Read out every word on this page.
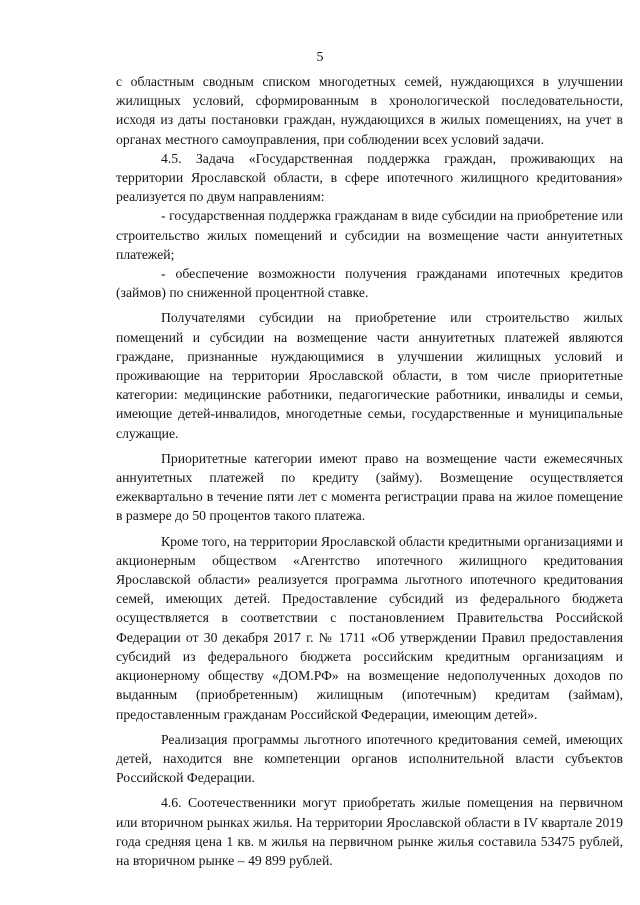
5

с областным сводным списком многодетных семей, нуждающихся в улучшении жилищных условий, сформированным в хронологической последовательности, исходя из даты постановки граждан, нуждающихся в жилых помещениях, на учет в органах местного самоуправления, при соблюдении всех условий задачи.

4.5. Задача «Государственная поддержка граждан, проживающих на территории Ярославской области, в сфере ипотечного жилищного кредитования» реализуется по двум направлениям:

- государственная поддержка гражданам в виде субсидии на приобретение или строительство жилых помещений и субсидии на возмещение части аннуитетных платежей;

- обеспечение возможности получения гражданами ипотечных кредитов (займов) по сниженной процентной ставке.

Получателями субсидии на приобретение или строительство жилых помещений и субсидии на возмещение части аннуитетных платежей являются граждане, признанные нуждающимися в улучшении жилищных условий и проживающие на территории Ярославской области, в том числе приоритетные категории: медицинские работники, педагогические работники, инвалиды и семьи, имеющие детей-инвалидов, многодетные семьи, государственные и муниципальные служащие.

Приоритетные категории имеют право на возмещение части ежемесячных аннуитетных платежей по кредиту (займу). Возмещение осуществляется ежеквартально в течение пяти лет с момента регистрации права на жилое помещение в размере до 50 процентов такого платежа.

Кроме того, на территории Ярославской области кредитными организациями и акционерным обществом «Агентство ипотечного жилищного кредитования Ярославской области» реализуется программа льготного ипотечного кредитования семей, имеющих детей. Предоставление субсидий из федерального бюджета осуществляется в соответствии с постановлением Правительства Российской Федерации от 30 декабря 2017 г. № 1711 «Об утверждении Правил предоставления субсидий из федерального бюджета российским кредитным организациям и акционерному обществу «ДОМ.РФ» на возмещение недополученных доходов по выданным (приобретенным) жилищным (ипотечным) кредитам (займам), предоставленным гражданам Российской Федерации, имеющим детей».

Реализация программы льготного ипотечного кредитования семей, имеющих детей, находится вне компетенции органов исполнительной власти субъектов Российской Федерации.

4.6. Соотечественники могут приобретать жилые помещения на первичном или вторичном рынках жилья. На территории Ярославской области в IV квартале 2019 года средняя цена 1 кв. м жилья на первичном рынке жилья составила 53475 рублей, на вторичном рынке – 49 899 рублей.
